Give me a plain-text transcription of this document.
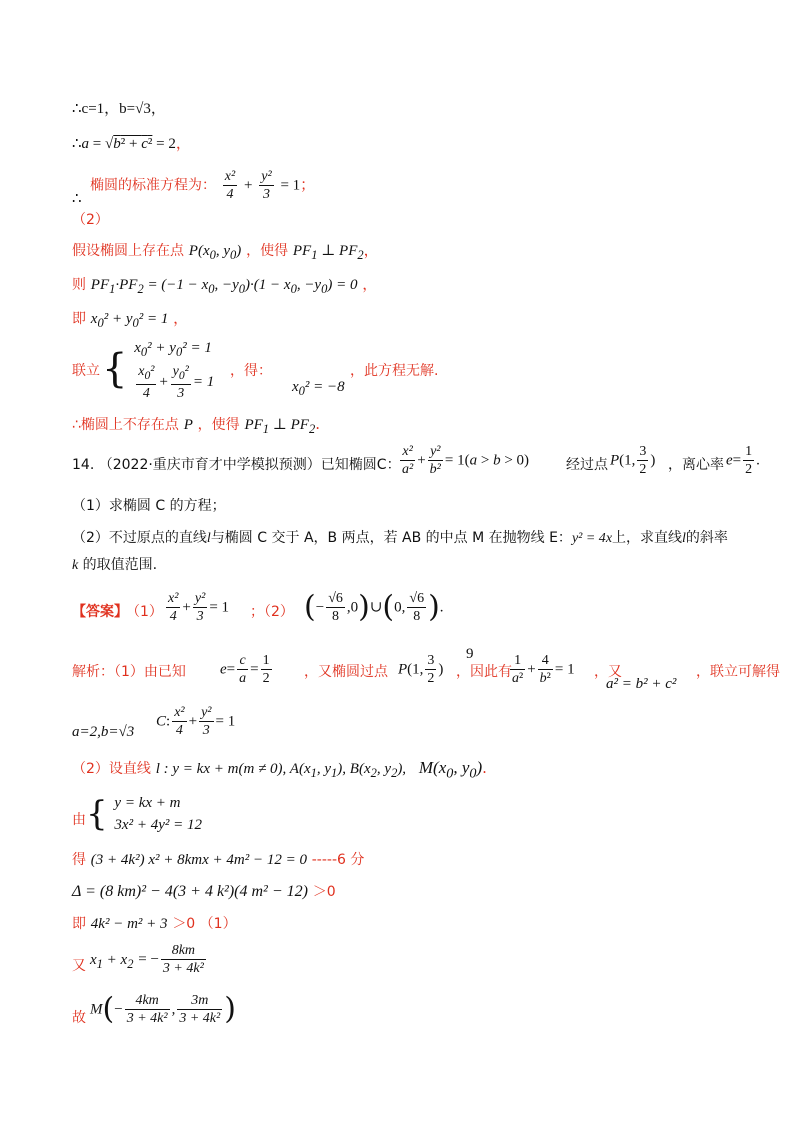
∴c=1，b=√3，
∴a = √b² + c² = 2，
∴
椭圆的标准方程为： $\frac{\text{x²}}{4} + \frac{\text{y²}}{3} = 1$；
（2）
假设椭圆上存在点 $P(x_0$, $y_0$) ，使得 $PF_1$ ⊥ $PF_2$，
则 $PF_1\cdot PF_2 = (-1 - x_0$, $-y_0)\cdot(1 - x_0$, $-y_0) = 0$ ，
即 $x_0^2 + y_0^2 = 1$ ，
联立 { $x_0^2 + y_0^2 = 1$
$\frac{x_0^2}{4} + \frac{y_0^2}{3} = 1$
，得：
$x_0^2 = -8$
，此方程无解.
∴椭圆上不存在点 P ，使得 $PF_1$ ⊥ $PF_2$.
14. （2022·重庆市育才中学模拟预测）已知椭圆C： $\frac{\text{x²}}{\text{a²}} + \frac{\text{y²}}{\text{b²}} = 1(a > b > 0)$	经过点 P(1, $\frac{3}{2}$ ) ，离心率 $e= \frac{1}{2}$ .
（1）求椭圆 C 的方程；
（2）不过原点的直线l与椭圆 C 交于 A，B 两点，若 AB 的中点 M 在抛物线 E：y² = 4x上，求直线l的斜率
k 的取值范围.
【答案】
$(1) \frac{\text{x²}}{4} + \frac{\text{y²}}{3} = 1$ ；（2） (− $\frac{√6}{8}$ ,0)∪(0, $\frac{√6}{8}$ ).
9
解析：（1）由已知 $e= \frac{c}{a} = \frac{1}{2}$ ，又椭圆过点 P(1, $\frac{3}{2}$ ) ，因此有
$\frac{1}{\text{a²}} + \frac{4}{\text{b²}} = 1$ ，又
a² = b² + c²
，联立可解得
a=2,b=√3
C: $\frac{\text{x²}}{4} + \frac{\text{y²}}{3} = 1$
（2）设直线 l : y = kx + m(m ≠ 0), $A(x_1$, $y_1$), $B(x_2$, $y_2$), $M(x_0$, $y_0$).
由 { y = kx + m
3x² + 4y² = 12
得 (3 + 4k²) x² + 8kmx + 4m² − 12 = 0 -----6 分
Δ = (8 km)² − 4(3 + 4 k²)(4 m² − 12) ＞0
即 4k² − m² + 3 ＞0 （1）
又 $x_1 + x_2$ = − $\frac{8km}{\text{3 + 4k²}}$
故
$M(- \frac{4km}{\text{3 + 4k²}}$ , $\frac{3m}{\text{3 + 4k²}}$ )
